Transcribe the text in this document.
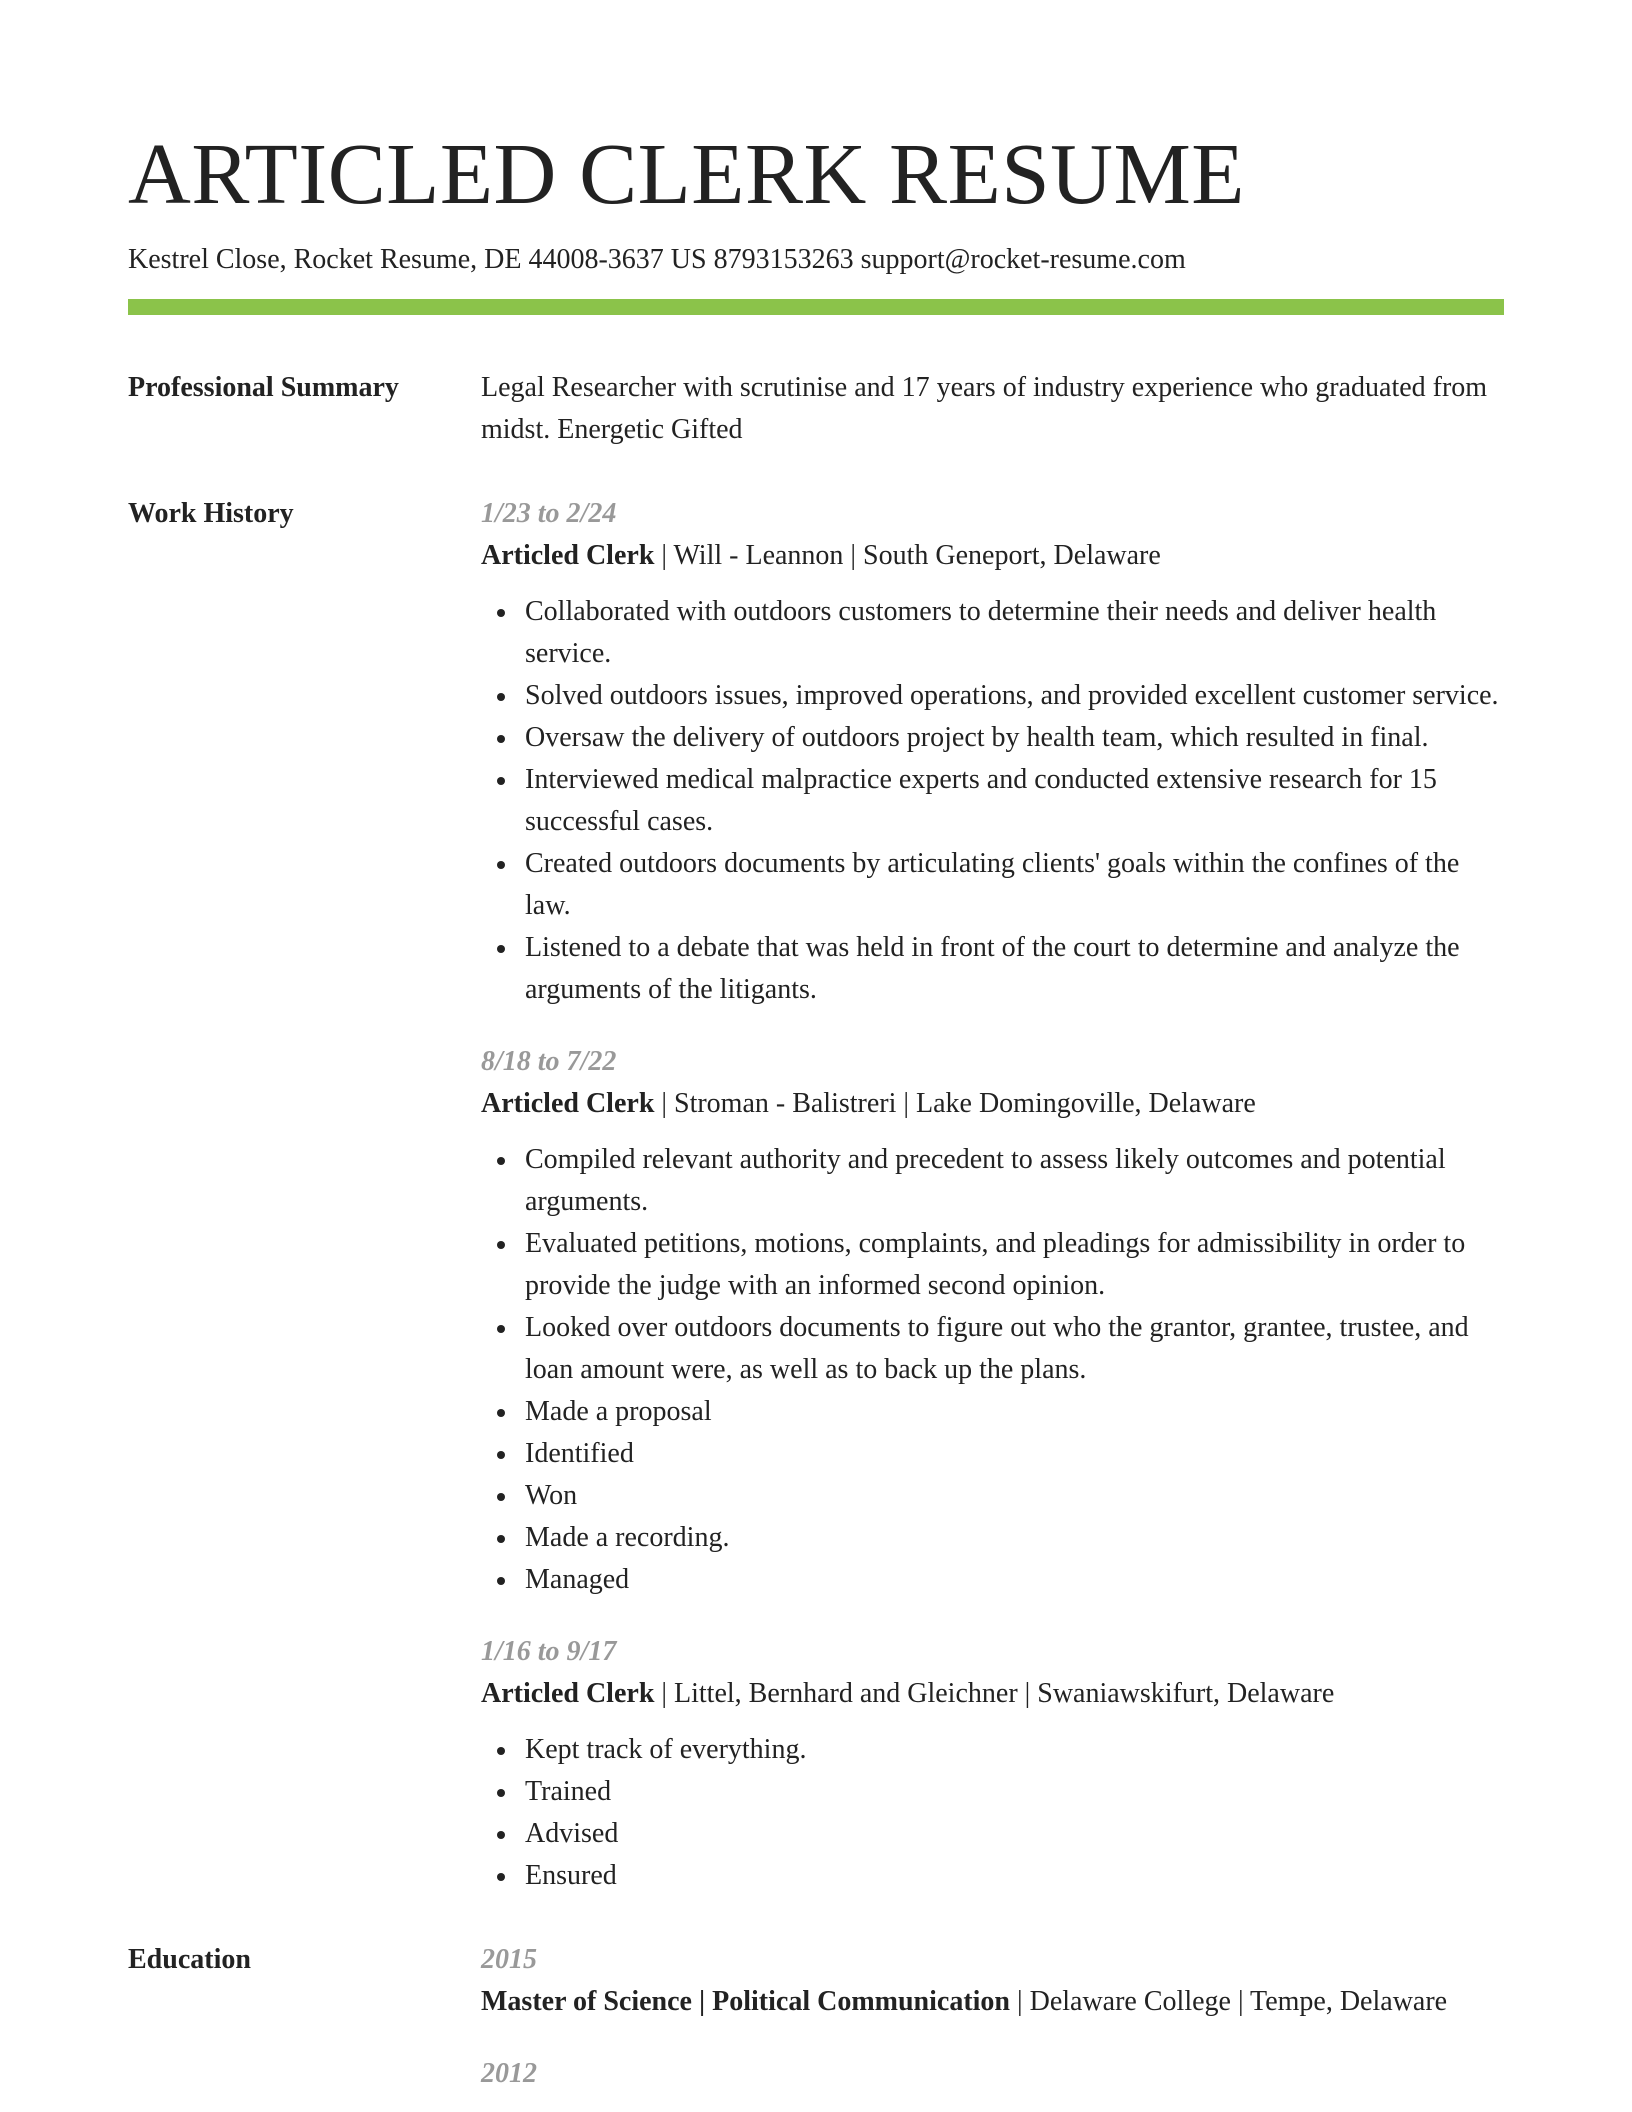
ARTICLED CLERK RESUME
Kestrel Close, Rocket Resume, DE 44008-3637 US 8793153263 support@rocket-resume.com
Professional Summary	Legal Researcher with scrutinise and 17 years of industry experience who graduated from midst. Energetic Gifted
Work History	1/23 to 2/24
Articled Clerk | Will - Leannon | South Geneport, Delaware
Collaborated with outdoors customers to determine their needs and deliver health service.
Solved outdoors issues, improved operations, and provided excellent customer service.
Oversaw the delivery of outdoors project by health team, which resulted in final.
Interviewed medical malpractice experts and conducted extensive research for 15 successful cases.
Created outdoors documents by articulating clients' goals within the confines of the law.
Listened to a debate that was held in front of the court to determine and analyze the arguments of the litigants.
8/18 to 7/22
Articled Clerk | Stroman - Balistreri | Lake Domingoville, Delaware
Compiled relevant authority and precedent to assess likely outcomes and potential arguments.
Evaluated petitions, motions, complaints, and pleadings for admissibility in order to provide the judge with an informed second opinion.
Looked over outdoors documents to figure out who the grantor, grantee, trustee, and loan amount were, as well as to back up the plans.
Made a proposal
Identified
Won
Made a recording.
Managed
1/16 to 9/17
Articled Clerk | Littel, Bernhard and Gleichner | Swaniawskifurt, Delaware
Kept track of everything.
Trained
Advised
Ensured
Education	2015
Master of Science | Political Communication | Delaware College | Tempe, Delaware
2012
